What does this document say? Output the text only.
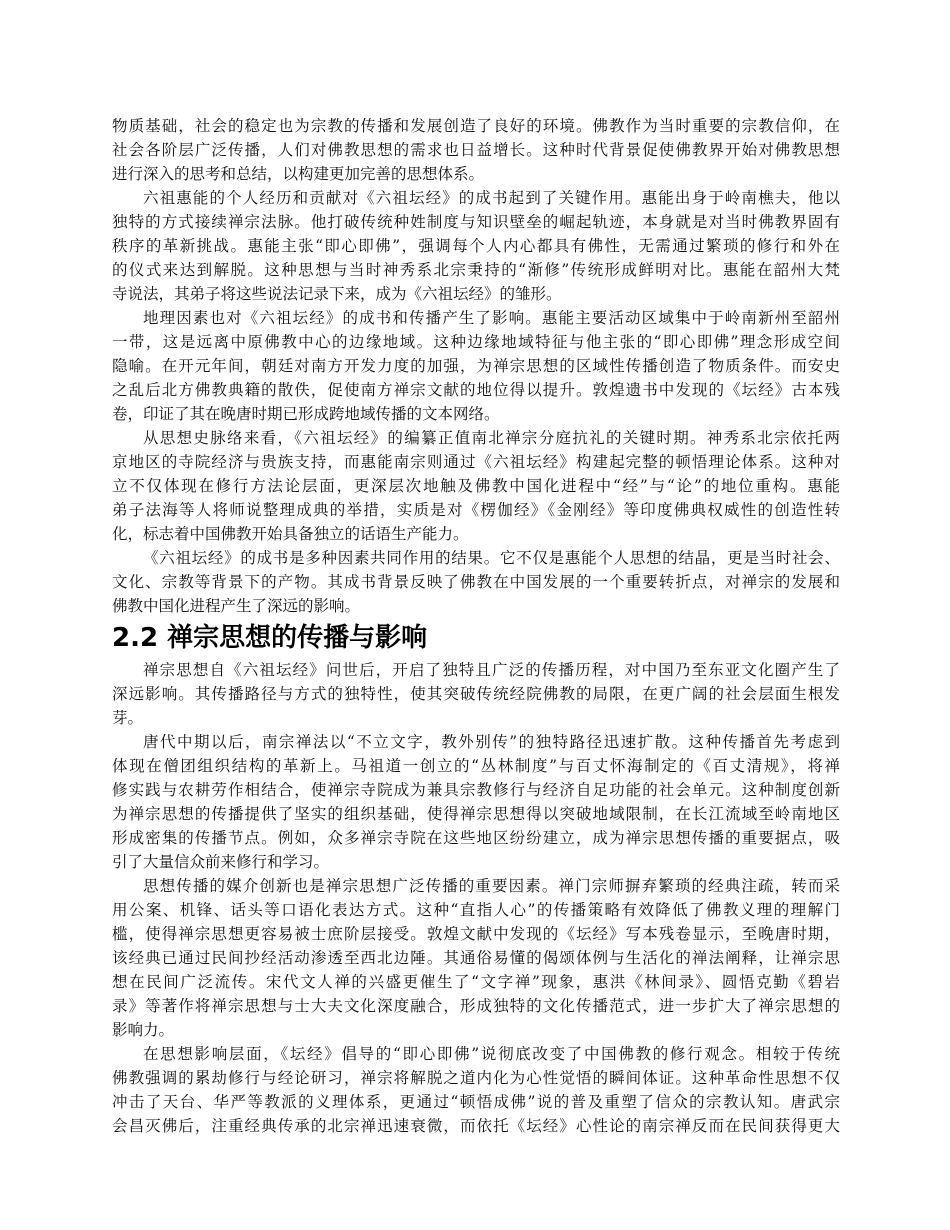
物质基础，社会的稳定也为宗教的传播和发展创造了良好的环境。佛教作为当时重要的宗教信仰，在
社会各阶层广泛传播，人们对佛教思想的需求也日益增长。这种时代背景促使佛教界开始对佛教思想
进行深入的思考和总结，以构建更加完善的思想体系。
六祖惠能的个人经历和贡献对《六祖坛经》的成书起到了关键作用。惠能出身于岭南樵夫，他以
独特的方式接续禅宗法脉。他打破传统种姓制度与知识壁垒的崛起轨迹，本身就是对当时佛教界固有
秩序的革新挑战。惠能主张“即心即佛”，强调每个人内心都具有佛性，无需通过繁琐的修行和外在
的仪式来达到解脱。这种思想与当时神秀系北宗秉持的“渐修”传统形成鲜明对比。惠能在韶州大梵
寺说法，其弟子将这些说法记录下来，成为《六祖坛经》的雏形。
地理因素也对《六祖坛经》的成书和传播产生了影响。惠能主要活动区域集中于岭南新州至韶州
一带，这是远离中原佛教中心的边缘地域。这种边缘地域特征与他主张的“即心即佛”理念形成空间
隐喻。在开元年间，朝廷对南方开发力度的加强，为禅宗思想的区域性传播创造了物质条件。而安史
之乱后北方佛教典籍的散佚，促使南方禅宗文献的地位得以提升。敦煌遗书中发现的《坛经》古本残
卷，印证了其在晚唐时期已形成跨地域传播的文本网络。
从思想史脉络来看，《六祖坛经》的编纂正值南北禅宗分庭抗礼的关键时期。神秀系北宗依托两
京地区的寺院经济与贵族支持，而惠能南宗则通过《六祖坛经》构建起完整的顿悟理论体系。这种对
立不仅体现在修行方法论层面，更深层次地触及佛教中国化进程中“经”与“论”的地位重构。惠能
弟子法海等人将师说整理成典的举措，实质是对《楞伽经》《金刚经》等印度佛典权威性的创造性转
化，标志着中国佛教开始具备独立的话语生产能力。
《六祖坛经》的成书是多种因素共同作用的结果。它不仅是惠能个人思想的结晶，更是当时社会、
文化、宗教等背景下的产物。其成书背景反映了佛教在中国发展的一个重要转折点，对禅宗的发展和
佛教中国化进程产生了深远的影响。
2.2 禅宗思想的传播与影响
禅宗思想自《六祖坛经》问世后，开启了独特且广泛的传播历程，对中国乃至东亚文化圈产生了
深远影响。其传播路径与方式的独特性，使其突破传统经院佛教的局限，在更广阔的社会层面生根发
芽。
唐代中期以后，南宗禅法以“不立文字，教外别传”的独特路径迅速扩散。这种传播首先考虑到
体现在僧团组织结构的革新上。马祖道一创立的“丛林制度”与百丈怀海制定的《百丈清规》，将禅
修实践与农耕劳作相结合，使禅宗寺院成为兼具宗教修行与经济自足功能的社会单元。这种制度创新
为禅宗思想的传播提供了坚实的组织基础，使得禅宗思想得以突破地域限制，在长江流域至岭南地区
形成密集的传播节点。例如，众多禅宗寺院在这些地区纷纷建立，成为禅宗思想传播的重要据点，吸
引了大量信众前来修行和学习。
思想传播的媒介创新也是禅宗思想广泛传播的重要因素。禅门宗师摒弃繁琐的经典注疏，转而采
用公案、机锋、话头等口语化表达方式。这种“直指人心”的传播策略有效降低了佛教义理的理解门
槛，使得禅宗思想更容易被士庶阶层接受。敦煌文献中发现的《坛经》写本残卷显示，至晚唐时期，
该经典已通过民间抄经活动渗透至西北边陲。其通俗易懂的偈颂体例与生活化的禅法阐释，让禅宗思
想在民间广泛流传。宋代文人禅的兴盛更催生了“文字禅”现象，惠洪《林间录》、圆悟克勤《碧岩
录》等著作将禅宗思想与士大夫文化深度融合，形成独特的文化传播范式，进一步扩大了禅宗思想的
影响力。
在思想影响层面，《坛经》倡导的“即心即佛”说彻底改变了中国佛教的修行观念。相较于传统
佛教强调的累劫修行与经论研习，禅宗将解脱之道内化为心性觉悟的瞬间体证。这种革命性思想不仅
冲击了天台、华严等教派的义理体系，更通过“顿悟成佛”说的普及重塑了信众的宗教认知。唐武宗
会昌灭佛后，注重经典传承的北宗禅迅速衰微，而依托《坛经》心性论的南宗禅反而在民间获得更大
